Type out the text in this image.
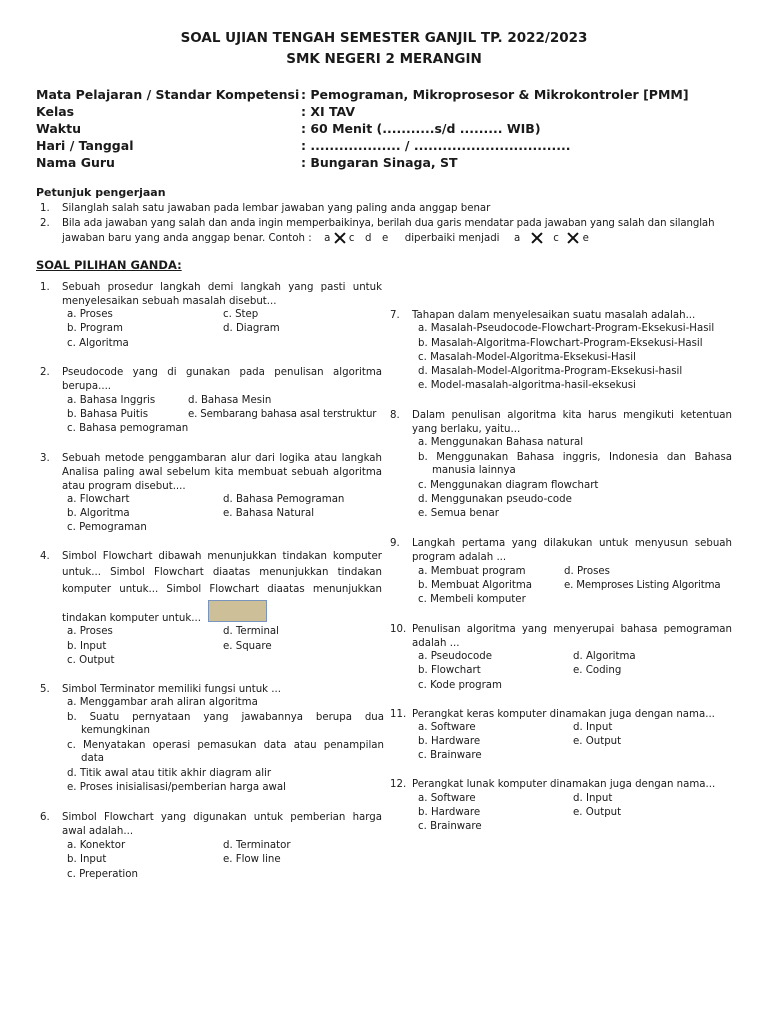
SOAL UJIAN TENGAH SEMESTER GANJIL TP. 2022/2023
SMK NEGERI 2 MERANGIN
Mata Pelajaran / Standar Kompetensi : Pemograman, Mikroprosesor & Mikrokontroler [PMM]
Kelas	: XI TAV
Waktu	: 60 Menit (...........s/d ......... WIB)
Hari / Tanggal	: ................... / .................................
Nama Guru	: Bungaran Sinaga, ST
Petunjuk pengerjaan
1. Silanglah salah satu jawaban pada lembar jawaban yang paling anda anggap benar
2. Bila ada jawaban yang salah dan anda ingin memperbaikinya, berilah dua garis mendatar pada jawaban yang salah dan silanglah
jawaban baru yang anda anggap benar. Contoh : a c d e diperbaiki menjadi a	c e
SOAL PILIHAN GANDA:
1. Sebuah prosedur langkah demi langkah yang pasti untuk
menyelesaikan sebuah masalah disebut...
a. Proses	c. Step
b. Program	d. Diagram
c. Algoritma
2. Pseudocode yang di gunakan pada penulisan algoritma
berupa....
a. Bahasa Inggris	d. Bahasa Mesin
b. Bahasa Puitis	e. Sembarang bahasa asal terstruktur
c. Bahasa pemograman
3. Sebuah metode penggambaran alur dari logika atau langkah
Analisa paling awal sebelum kita membuat sebuah algoritma
atau program disebut....
a. Flowchart	d. Bahasa Pemograman
b. Algoritma	e. Bahasa Natural
c. Pemograman
4. Simbol Flowchart dibawah menunjukkan tindakan komputer
untuk... Simbol Flowchart diaatas menunjukkan tindakan
komputer untuk... Simbol Flowchart diaatas menunjukkan
tindakan komputer untuk...
a. Proses	d. Terminal
b. Input	e. Square
c. Output
5. Simbol Terminator memiliki fungsi untuk ...
a. Menggambar arah aliran algoritma
b. Suatu pernyataan yang jawabannya berupa dua
kemungkinan
c. Menyatakan operasi pemasukan data atau penampilan
data
d. Titik awal atau titik akhir diagram alir
e. Proses inisialisasi/pemberian harga awal
6. Simbol Flowchart yang digunakan untuk pemberian harga
awal adalah...
a. Konektor	d. Terminator
b. Input	e. Flow line
c. Preperation
7. Tahapan dalam menyelesaikan suatu masalah adalah...
a. Masalah-Pseudocode-Flowchart-Program-Eksekusi-Hasil
b. Masalah-Algoritma-Flowchart-Program-Eksekusi-Hasil
c. Masalah-Model-Algoritma-Eksekusi-Hasil
d. Masalah-Model-Algoritma-Program-Eksekusi-hasil
e. Model-masalah-algoritma-hasil-eksekusi
8. Dalam penulisan algoritma kita harus mengikuti ketentuan
yang berlaku, yaitu...
a. Menggunakan Bahasa natural
b. Menggunakan Bahasa inggris, Indonesia dan Bahasa
manusia lainnya
c. Menggunakan diagram flowchart
d. Menggunakan pseudo-code
e. Semua benar
9. Langkah pertama yang dilakukan untuk menyusun sebuah
program adalah ...
a. Membuat program	d. Proses
b. Membuat Algoritma	e. Memproses Listing Algoritma
c. Membeli komputer
10. Penulisan algoritma yang menyerupai bahasa pemograman
adalah ...
a. Pseudocode	d. Algoritma
b. Flowchart	e. Coding
c. Kode program
11. Perangkat keras komputer dinamakan juga dengan nama...
a. Software	d. Input
b. Hardware	e. Output
c. Brainware
12. Perangkat lunak komputer dinamakan juga dengan nama...
a. Software	d. Input
b. Hardware	e. Output
c. Brainware
